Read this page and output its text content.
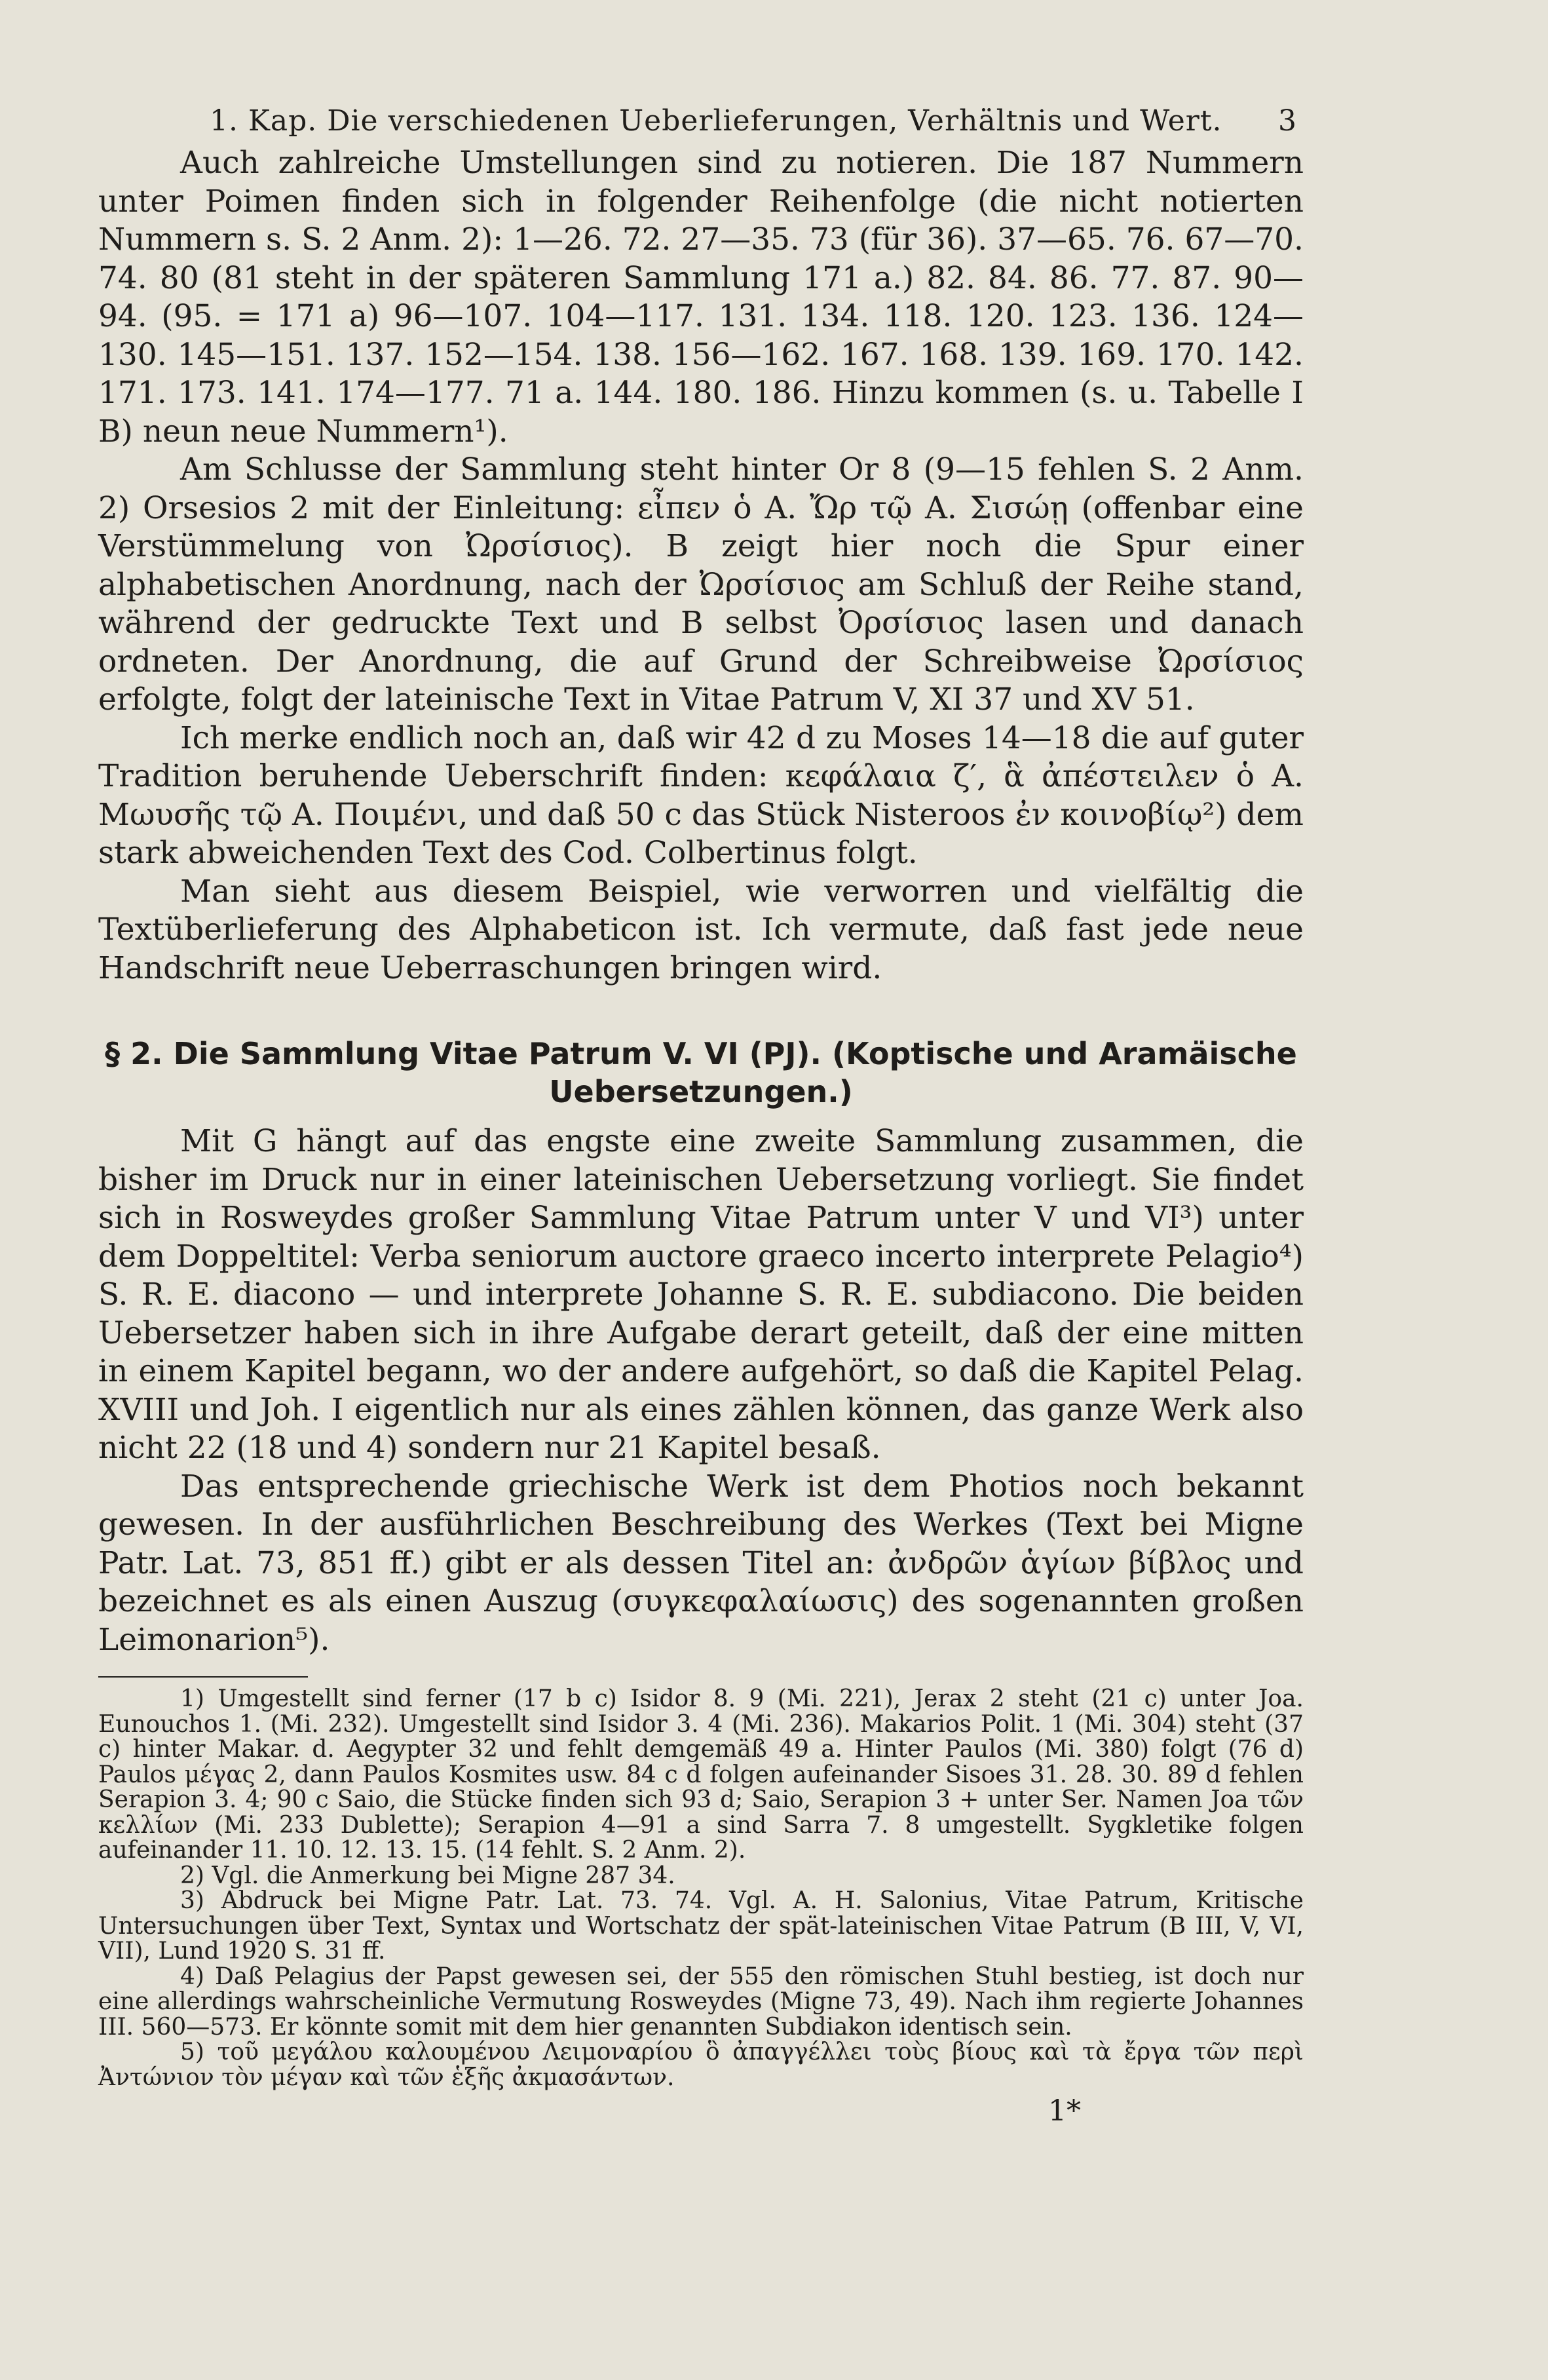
1. Kap. Die verschiedenen Ueberlieferungen, Verhältnis und Wert. 3

Auch zahlreiche Umstellungen sind zu notieren. Die 187 Nummern unter Poimen finden sich in folgender Reihenfolge (die nicht notierten Nummern s. S. 2 Anm. 2): 1—26. 72. 27—35. 73 (für 36). 37—65. 76. 67—70. 74. 80 (81 steht in der späteren Sammlung 171 a.) 82. 84. 86. 77. 87. 90—94. (95. = 171 a) 96—107. 104—117. 131. 134. 118. 120. 123. 136. 124—130. 145—151. 137. 152—154. 138. 156—162. 167. 168. 139. 169. 170. 142. 171. 173. 141. 174—177. 71 a. 144. 180. 186. Hinzu kommen (s. u. Tabelle I B) neun neue Nummern¹).

Am Schlusse der Sammlung steht hinter Or 8 (9—15 fehlen S. 2 Anm. 2) Orsesios 2 mit der Einleitung: εἶπεν ὁ Α. Ὤρ τῷ Α. Σισώῃ (offenbar eine Verstümmelung von Ὠρσίσιος). B zeigt hier noch die Spur einer alphabetischen Anordnung, nach der Ὠρσίσιος am Schluß der Reihe stand, während der gedruckte Text und B selbst Ὀρσίσιος lasen und danach ordneten. Der Anordnung, die auf Grund der Schreibweise Ὠρσίσιος erfolgte, folgt der lateinische Text in Vitae Patrum V, XI 37 und XV 51.

Ich merke endlich noch an, daß wir 42 d zu Moses 14—18 die auf guter Tradition beruhende Ueberschrift finden: κεφάλαια ζ′, ἃ ἀπέστειλεν ὁ Α. Μωυσῆς τῷ Α. Ποιμένι, und daß 50 c das Stück Nisteroos ἐν κοινοβίῳ²) dem stark abweichenden Text des Cod. Colbertinus folgt.

Man sieht aus diesem Beispiel, wie verworren und vielfältig die Textüberlieferung des Alphabeticon ist. Ich vermute, daß fast jede neue Handschrift neue Ueberraschungen bringen wird.

§ 2. Die Sammlung Vitae Patrum V. VI (PJ). (Koptische und Aramäische Uebersetzungen.)

Mit G hängt auf das engste eine zweite Sammlung zusammen, die bisher im Druck nur in einer lateinischen Uebersetzung vorliegt. Sie findet sich in Rosweydes großer Sammlung Vitae Patrum unter V und VI³) unter dem Doppeltitel: Verba seniorum auctore graeco incerto interprete Pelagio⁴) S. R. E. diacono — und interprete Johanne S. R. E. subdiacono. Die beiden Uebersetzer haben sich in ihre Aufgabe derart geteilt, daß der eine mitten in einem Kapitel begann, wo der andere aufgehört, so daß die Kapitel Pelag. XVIII und Joh. I eigentlich nur als eines zählen können, das ganze Werk also nicht 22 (18 und 4) sondern nur 21 Kapitel besaß.

Das entsprechende griechische Werk ist dem Photios noch bekannt gewesen. In der ausführlichen Beschreibung des Werkes (Text bei Migne Patr. Lat. 73, 851 ff.) gibt er als dessen Titel an: ἀνδρῶν ἁγίων βίβλος und bezeichnet es als einen Auszug (συγκεφαλαίωσις) des sogenannten großen Leimonarion⁵).

1) Umgestellt sind ferner (17 b c) Isidor 8. 9 (Mi. 221), Jerax 2 steht (21 c) unter Joa. Eunouchos 1. (Mi. 232). Umgestellt sind Isidor 3. 4 (Mi. 236). Makarios Polit. 1 (Mi. 304) steht (37 c) hinter Makar. d. Aegypter 32 und fehlt demgemäß 49 a. Hinter Paulos (Mi. 380) folgt (76 d) Paulos μέγας 2, dann Paulos Kosmites usw. 84 c d folgen aufeinander Sisoes 31. 28. 30. 89 d fehlen Serapion 3. 4; 90 c Saio, die Stücke finden sich 93 d; Saio, Serapion 3 + unter Ser. Namen Joa τῶν κελλίων (Mi. 233 Dublette); Serapion 4—91 a sind Sarra 7. 8 umgestellt. Sygkletike folgen aufeinander 11. 10. 12. 13. 15. (14 fehlt. S. 2 Anm. 2).

2) Vgl. die Anmerkung bei Migne 287 34.

3) Abdruck bei Migne Patr. Lat. 73. 74. Vgl. A. H. Salonius, Vitae Patrum, Kritische Untersuchungen über Text, Syntax und Wortschatz der spät-lateinischen Vitae Patrum (B III, V, VI, VII), Lund 1920 S. 31 ff.

4) Daß Pelagius der Papst gewesen sei, der 555 den römischen Stuhl bestieg, ist doch nur eine allerdings wahrscheinliche Vermutung Rosweydes (Migne 73, 49). Nach ihm regierte Johannes III. 560—573. Er könnte somit mit dem hier genannten Subdiakon identisch sein.

5) τοῦ μεγάλου καλουμένου Λειμοναρίου ὃ ἀπαγγέλλει τοὺς βίους καὶ τὰ ἔργα τῶν περὶ Ἀντώνιον τὸν μέγαν καὶ τῶν ἑξῆς ἀκμασάντων.

1*
